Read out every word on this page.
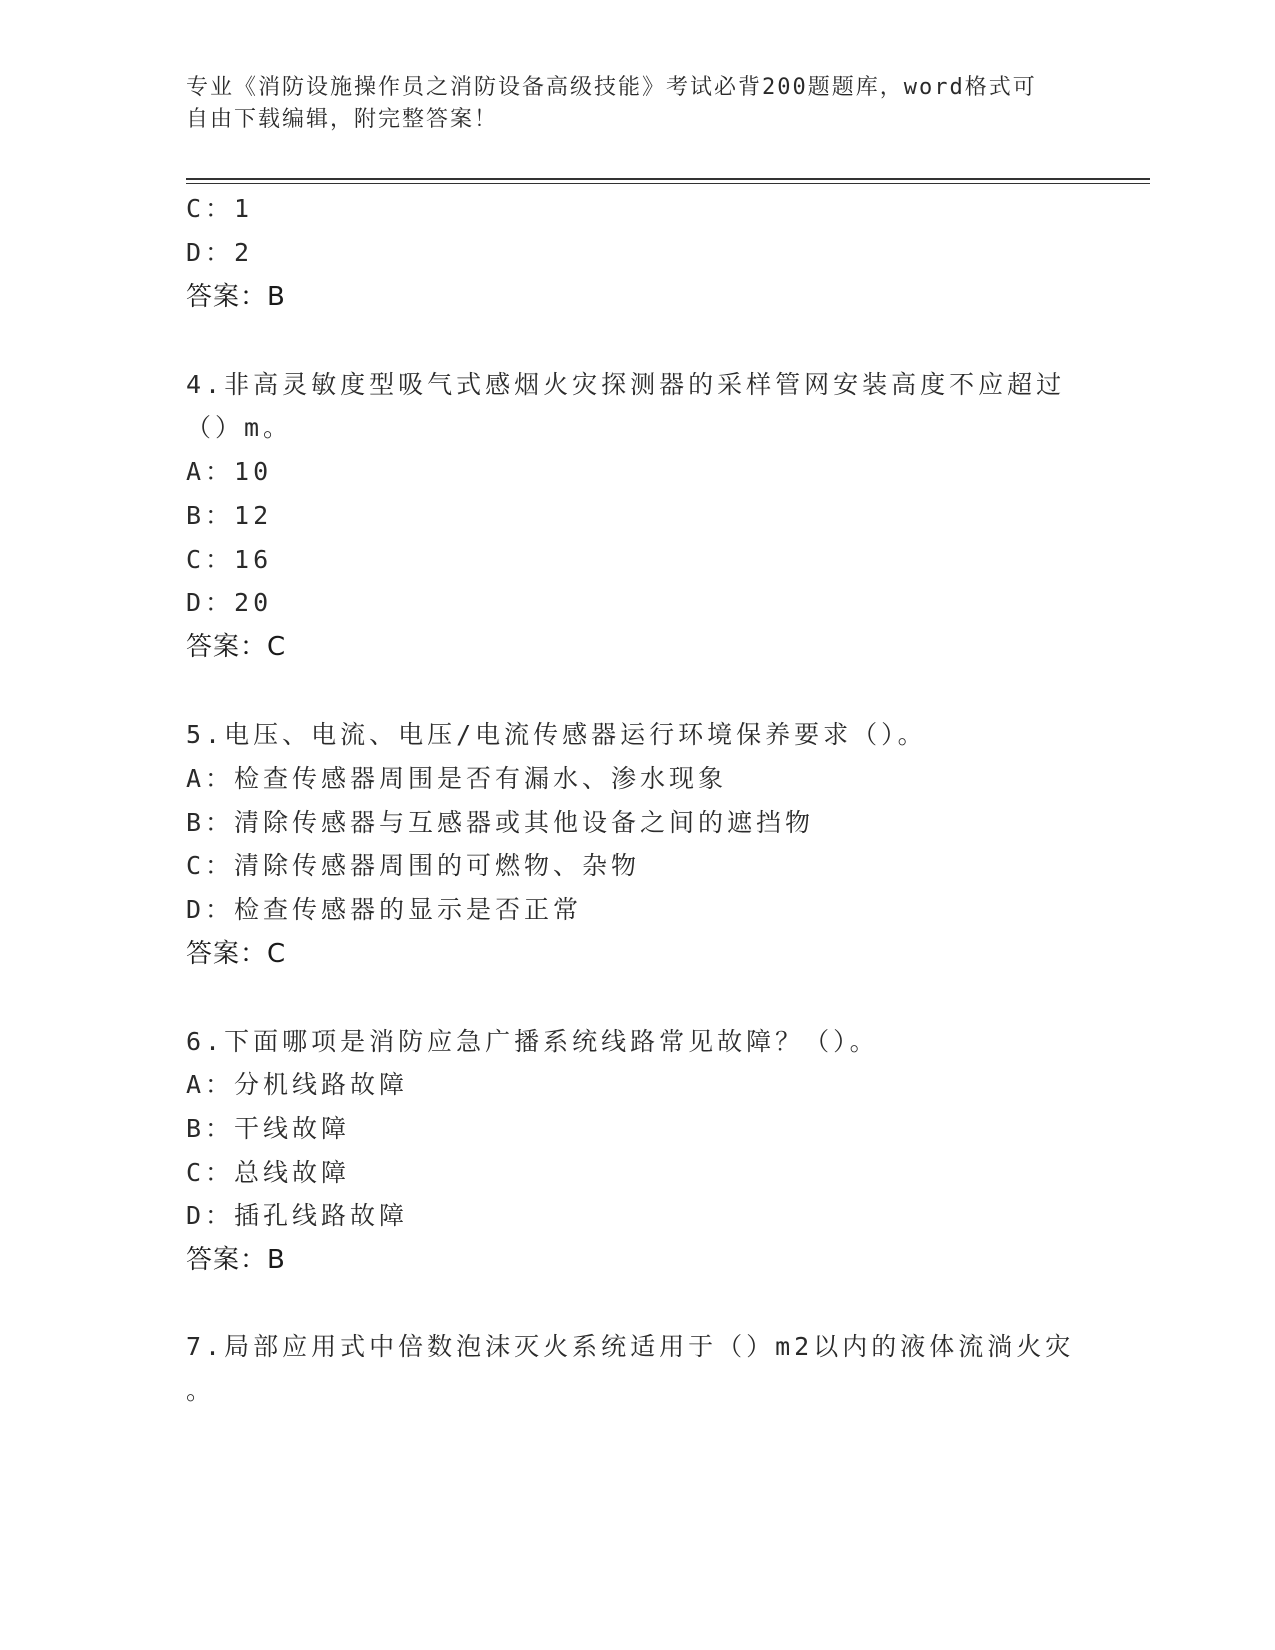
专业《消防设施操作员之消防设备高级技能》考试必背200题题库，word格式可
自由下载编辑，附完整答案！
C：1
D：2
答案：B
4.非高灵敏度型吸气式感烟火灾探测器的采样管网安装高度不应超过
（）m。
A：10
B：12
C：16
D：20
答案：C
5.电压、电流、电压/电流传感器运行环境保养要求（）。
A：检查传感器周围是否有漏水、渗水现象
B：清除传感器与互感器或其他设备之间的遮挡物
C：清除传感器周围的可燃物、杂物
D：检查传感器的显示是否正常
答案：C
6.下面哪项是消防应急广播系统线路常见故障？（）。
A：分机线路故障
B：干线故障
C：总线故障
D：插孔线路故障
答案：B
7.局部应用式中倍数泡沫灭火系统适用于（）m2以内的液体流淌火灾
。
